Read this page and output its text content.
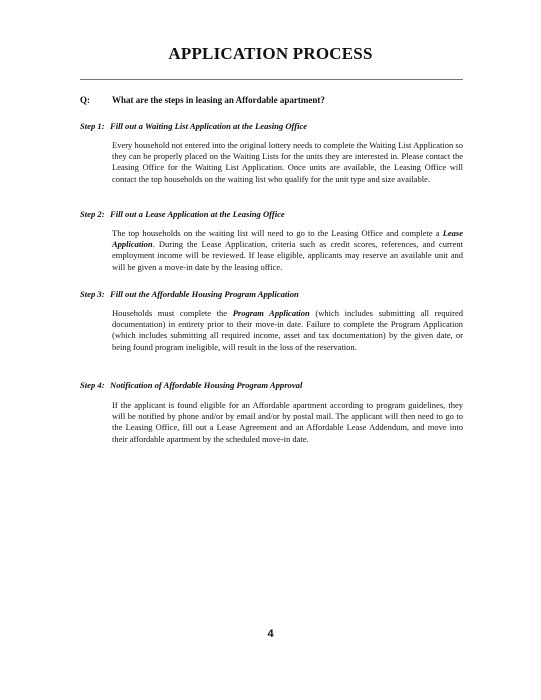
APPLICATION PROCESS
Q: What are the steps in leasing an Affordable apartment?
Step 1: Fill out a Waiting List Application at the Leasing Office
Every household not entered into the original lottery needs to complete the Waiting List Application so they can be properly placed on the Waiting Lists for the units they are interested in. Please contact the Leasing Office for the Waiting List Application. Once units are available, the Leasing Office will contact the top households on the waiting list who qualify for the unit type and size available.
Step 2: Fill out a Lease Application at the Leasing Office
The top households on the waiting list will need to go to the Leasing Office and complete a Lease Application. During the Lease Application, criteria such as credit scores, references, and current employment income will be reviewed. If lease eligible, applicants may reserve an available unit and will be given a move-in date by the leasing office.
Step 3: Fill out the Affordable Housing Program Application
Households must complete the Program Application (which includes submitting all required documentation) in entirety prior to their move-in date. Failure to complete the Program Application (which includes submitting all required income, asset and tax documentation) by the given date, or being found program ineligible, will result in the loss of the reservation.
Step 4: Notification of Affordable Housing Program Approval
If the applicant is found eligible for an Affordable apartment according to program guidelines, they will be notified by phone and/or by email and/or by postal mail. The applicant will then need to go to the Leasing Office, fill out a Lease Agreement and an Affordable Lease Addendum, and move into their affordable apartment by the scheduled move-in date.
4
